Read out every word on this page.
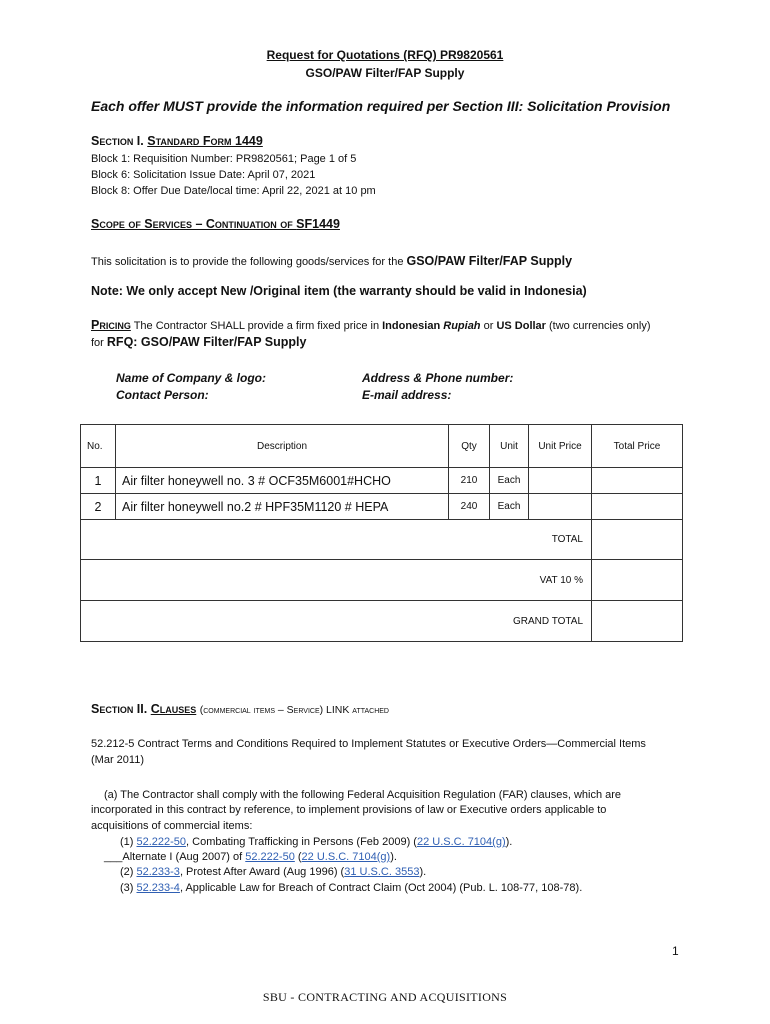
Request for Quotations (RFQ) PR9820561
GSO/PAW Filter/FAP Supply
Each offer MUST provide the information required per Section III: Solicitation Provision
Section I. Standard Form 1449
Block 1: Requisition Number: PR9820561; Page 1 of 5
Block 6: Solicitation Issue Date: April 07, 2021
Block 8: Offer Due Date/local time: April 22, 2021 at 10 pm
Scope of Services – Continuation of SF1449
This solicitation is to provide the following goods/services for the GSO/PAW Filter/FAP Supply
Note: We only accept New /Original item (the warranty should be valid in Indonesia)
Pricing The Contractor SHALL provide a firm fixed price in Indonesian Rupiah or US Dollar (two currencies only)
for RFQ: GSO/PAW Filter/FAP Supply
Name of Company & logo:
Contact Person:
Address & Phone number:
E-mail address:
No.	Description	Qty	Unit	Unit Price	Total Price
1	Air filter honeywell no. 3 # OCF35M6001#HCHO	210	Each		
2	Air filter honeywell no.2 # HPF35M1120 # HEPA	240	Each		
TOTAL					
VAT 10 %					
GRAND TOTAL					
Section II. Clauses (commercial items – Service) LINK attached
52.212-5 Contract Terms and Conditions Required to Implement Statutes or Executive Orders—Commercial Items
(Mar 2011)
(a) The Contractor shall comply with the following Federal Acquisition Regulation (FAR) clauses, which are
incorporated in this contract by reference, to implement provisions of law or Executive orders applicable to
acquisitions of commercial items:
(1) 52.222-50, Combating Trafficking in Persons (Feb 2009) (22 U.S.C. 7104(g)).
___Alternate I (Aug 2007) of 52.222-50 (22 U.S.C. 7104(g)).
(2) 52.233-3, Protest After Award (Aug 1996) (31 U.S.C. 3553).
(3) 52.233-4, Applicable Law for Breach of Contract Claim (Oct 2004) (Pub. L. 108-77, 108-78).
1
SBU - CONTRACTING AND ACQUISITIONS
